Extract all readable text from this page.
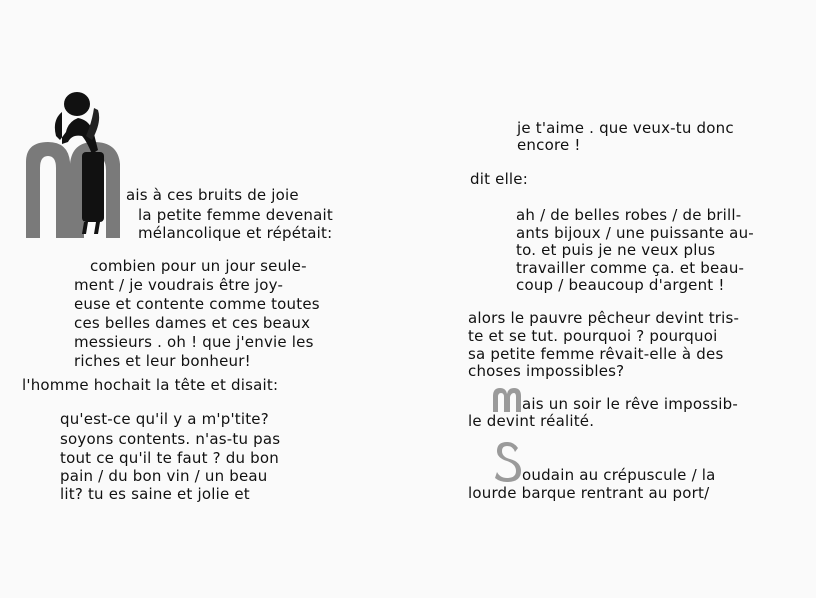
ais à ces bruits de joie
la petite femme devenait
mélancolique et répétait:
combien pour un jour seule-
ment / je voudrais être joy-
euse et contente comme toutes
ces belles dames et ces beaux
messieurs . oh ! que j'envie les
riches et leur bonheur!
l'homme hochait la tête et disait:
qu'est-ce qu'il y a m'p'tite?
soyons contents. n'as-tu pas
tout ce qu'il te faut ? du bon
pain / du bon vin / un beau
lit? tu es saine et jolie et
je t'aime . que veux-tu donc
encore !
dit elle:
ah / de belles robes / de brill-
ants bijoux / une puissante au-
to. et puis je ne veux plus
travailler comme ça. et beau-
coup / beaucoup d'argent !
alors le pauvre pêcheur devint tris-
te et se tut. pourquoi ? pourquoi
sa petite femme rêvait-elle à des
choses impossibles?
ais un soir le rêve impossib-
le devint réalité.
oudain au crépuscule / la
lourde barque rentrant au port/
